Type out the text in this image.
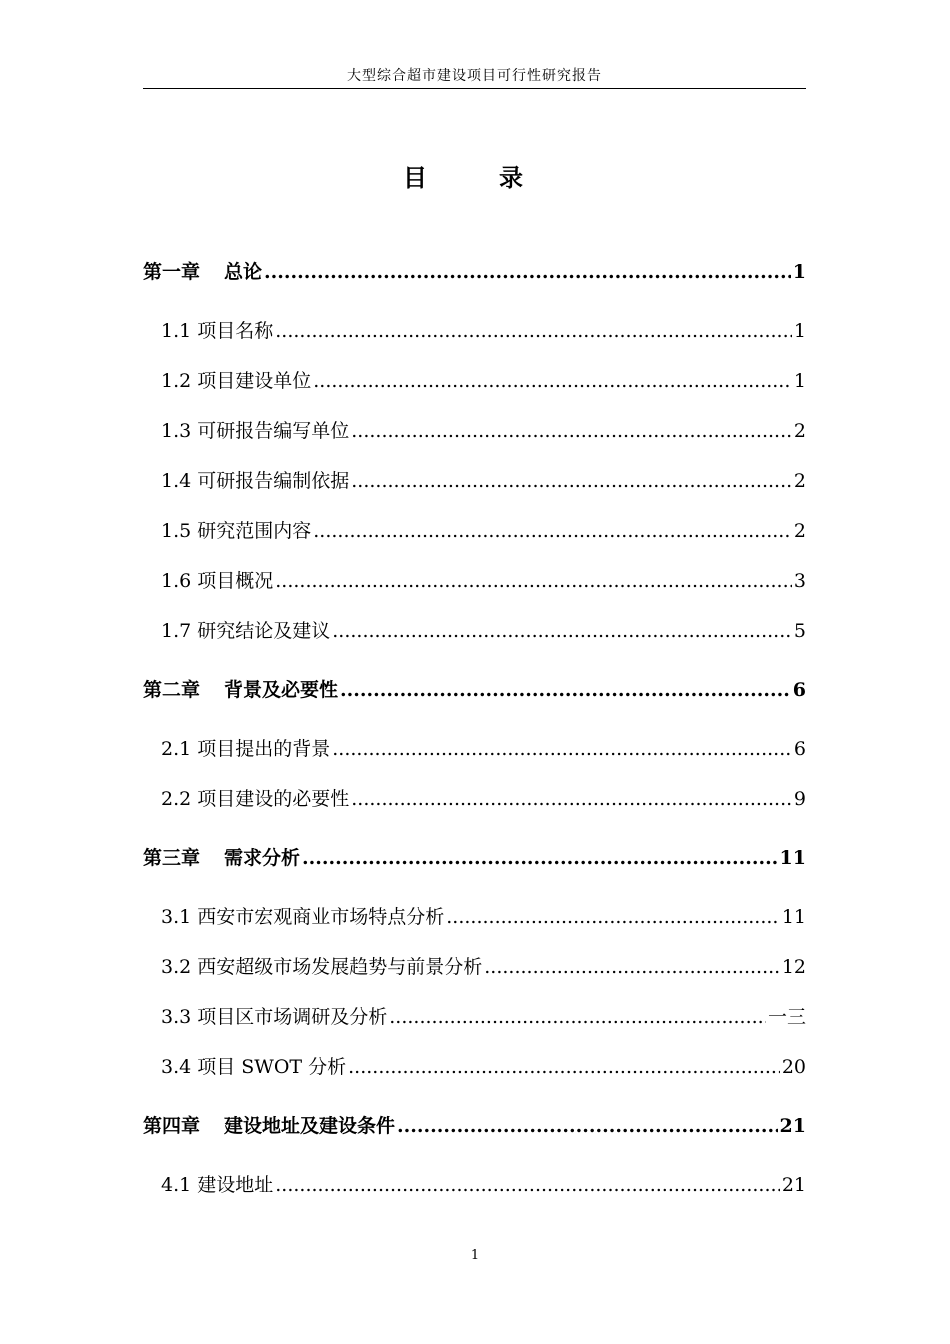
大型综合超市建设项目可行性研究报告
目　录
第一章 总论 .....	1
1.1 项目名称 .....	1
1.2 项目建设单位 .....	1
1.3 可研报告编写单位 .....	2
1.4 可研报告编制依据 .....	2
1.5 研究范围内容 .....	2
1.6 项目概况 .....	3
1.7 研究结论及建议 .....	5
第二章 背景及必要性 .....	6
2.1 项目提出的背景 .....	6
2.2 项目建设的必要性 .....	9
第三章 需求分析 .....	11
3.1 西安市宏观商业市场特点分析 .....	11
3.2 西安超级市场发展趋势与前景分析 .....	12
3.3 项目区市场调研及分析 .....	一三
3.4 项目 SWOT 分析 .....	20
第四章 建设地址及建设条件 .....	21
4.1 建设地址 .....	21
1
